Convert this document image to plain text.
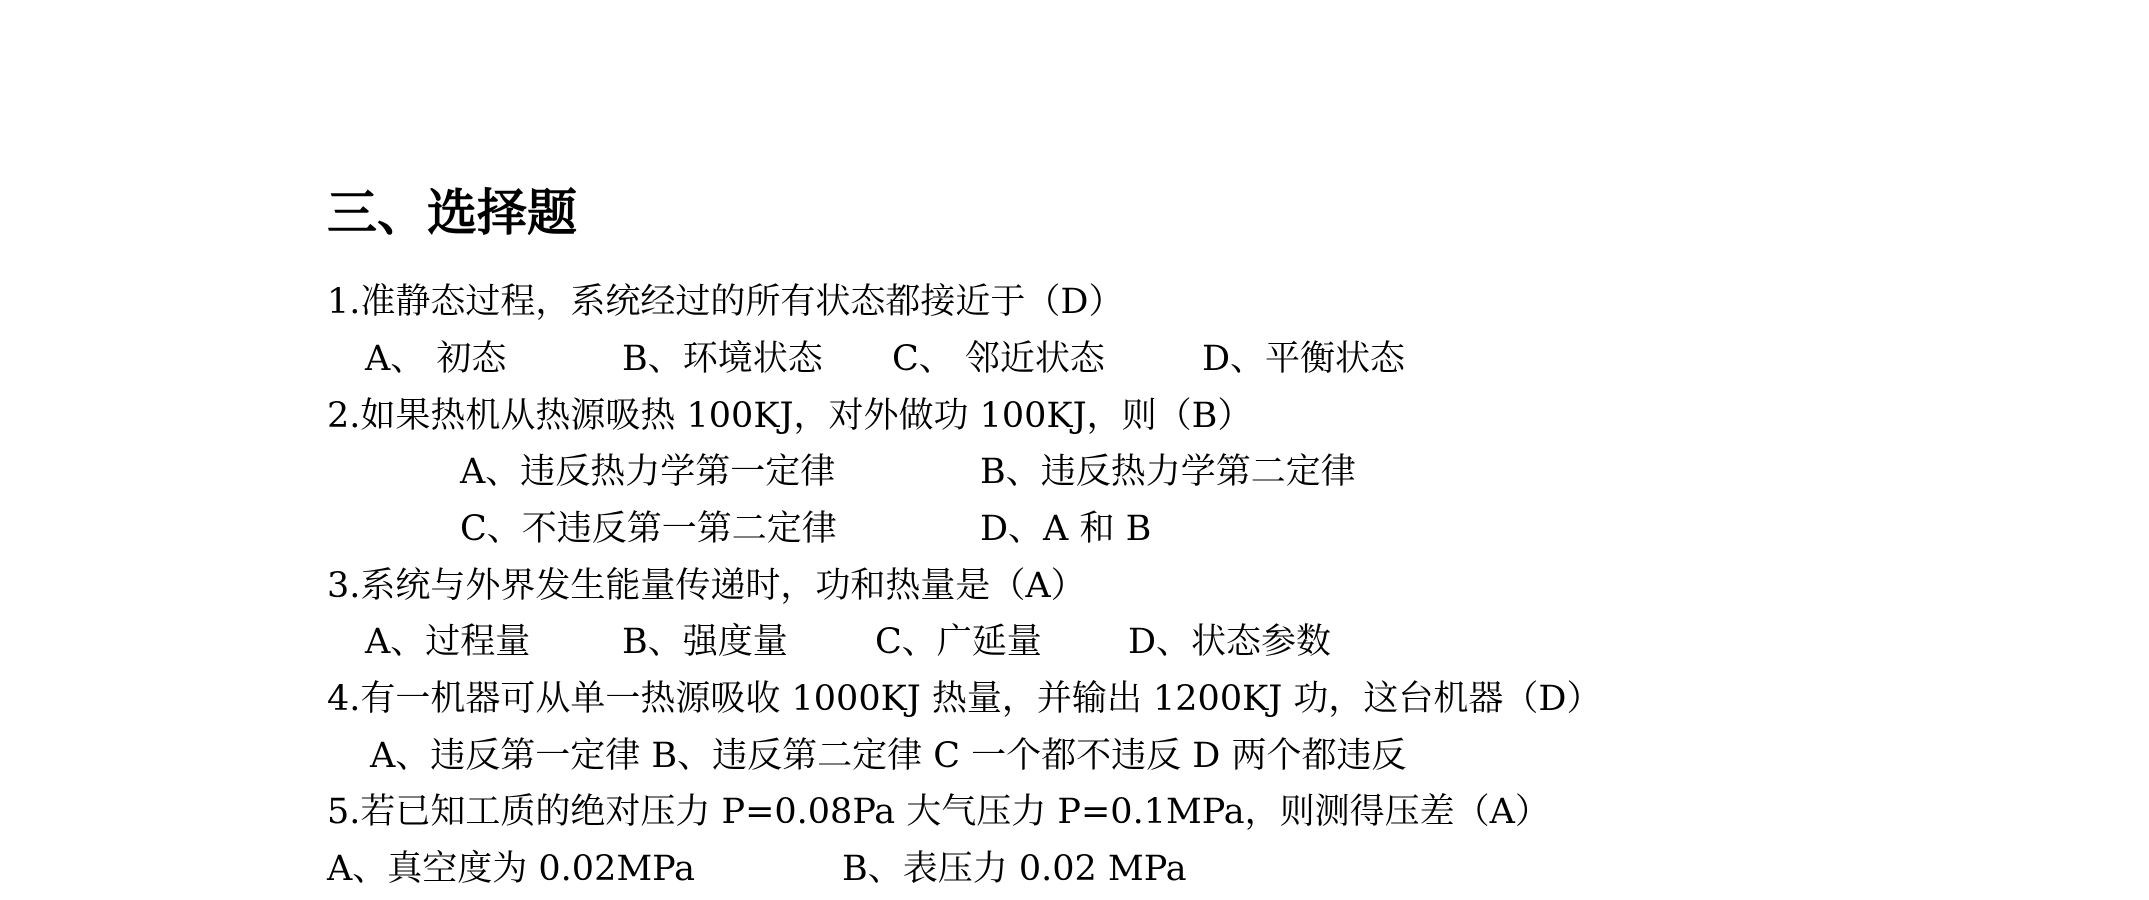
三、选择题
1.准静态过程，系统经过的所有状态都接近于（D）
A、 初态	B、环境状态 C、 邻近状态	D、平衡状态
2.如果热机从热源吸热 100KJ，对外做功 100KJ，则（B）
A、违反热力学第一定律	B、违反热力学第二定律
C、不违反第一第二定律	D、A 和 B
3.系统与外界发生能量传递时，功和热量是（A）
A、过程量	B、强度量 C、广延量 D、状态参数
4.有一机器可从单一热源吸收 1000KJ 热量，并输出 1200KJ 功，这台机器（D）
A、违反第一定律 B、违反第二定律 C 一个都不违反 D 两个都违反
5.若已知工质的绝对压力 P=0.08Pa 大气压力 P=0.1MPa，则测得压差（A）
A、真空度为 0.02MPa	B、表压力 0.02 MPa
